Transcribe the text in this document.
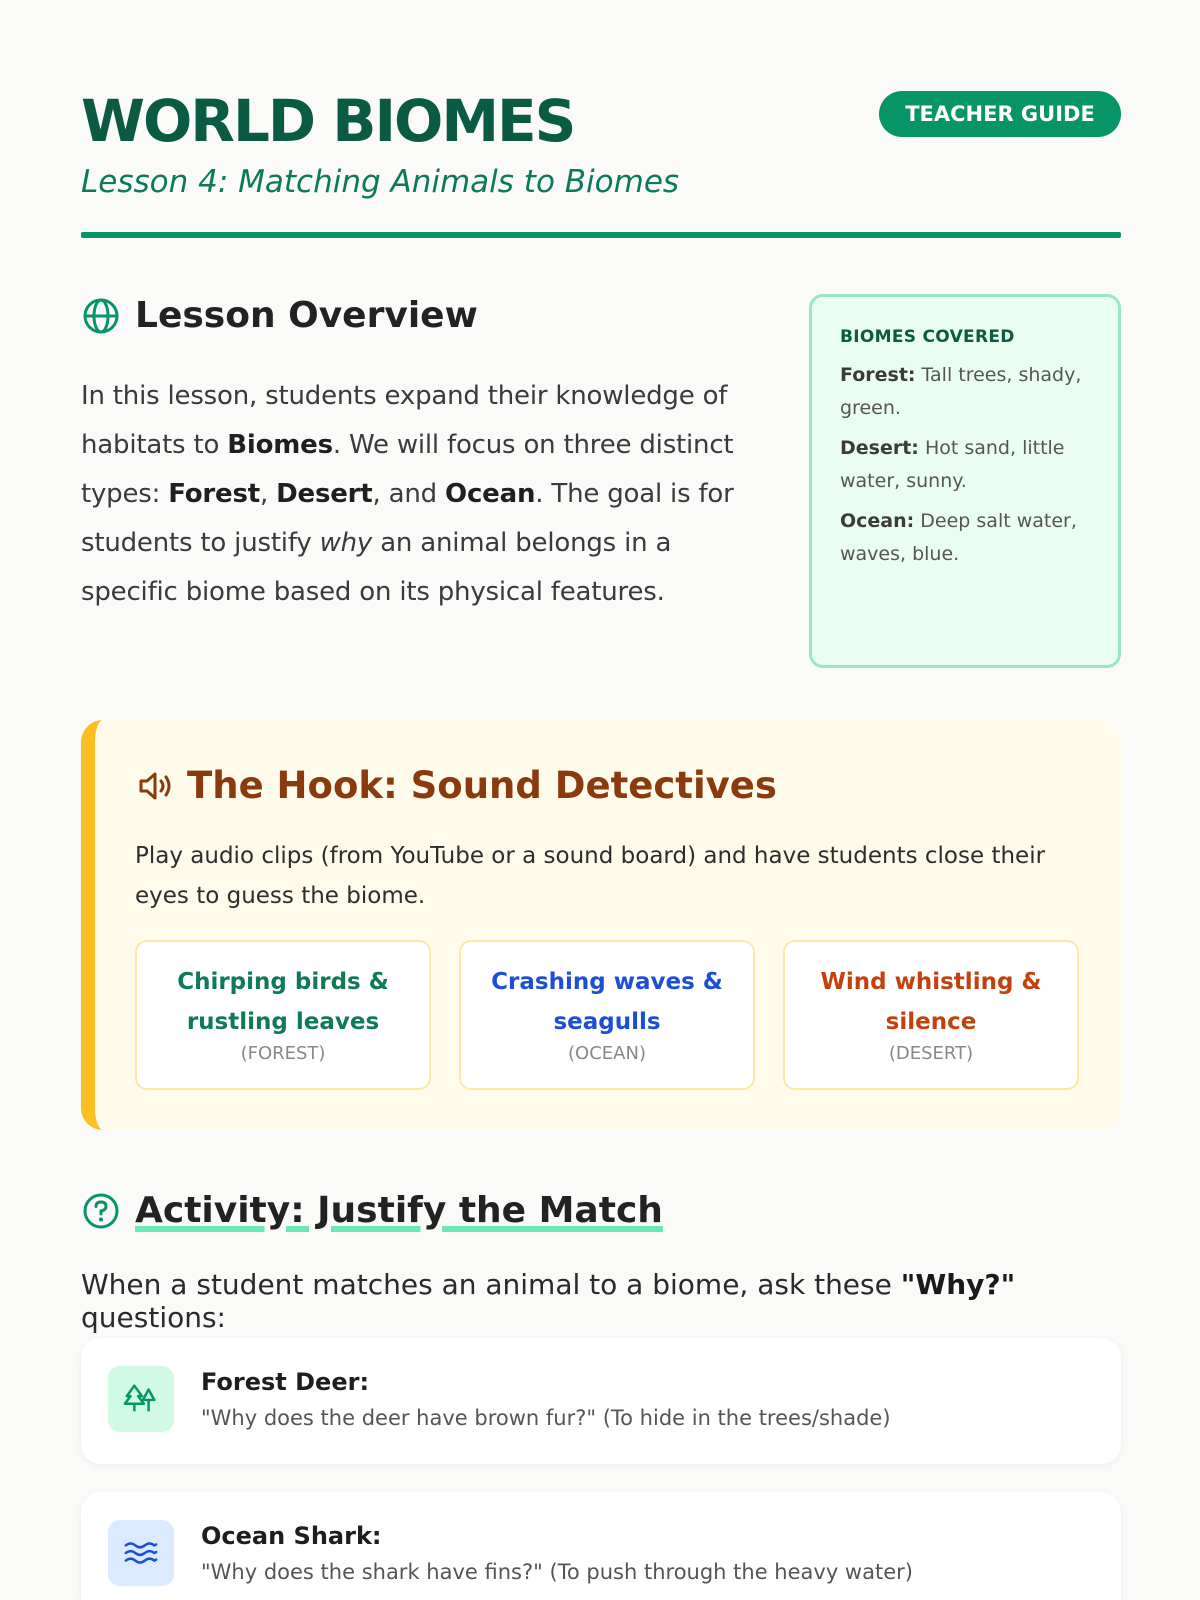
WORLD BIOMES	TEACHER GUIDE
Lesson 4: Matching Animals to Biomes
Lesson Overview

In this lesson, students expand their knowledge of habitats to Biomes. We will focus on three distinct types: Forest, Desert, and Ocean. The goal is for students to justify why an animal belongs in a specific biome based on its physical features.

BIOMES COVERED
Forest: Tall trees, shady, green.
Desert: Hot sand, little water, sunny.
Ocean: Deep salt water, waves, blue.
The Hook: Sound Detectives

Play audio clips (from YouTube or a sound board) and have students close their eyes to guess the biome.

Chirping birds & rustling leaves
(FOREST)
Crashing waves & seagulls
(OCEAN)
Wind whistling & silence
(DESERT)
Activity: Justify the Match

When a student matches an animal to a biome, ask these "Why?" questions:

Forest Deer:
"Why does the deer have brown fur?" (To hide in the trees/shade)
Ocean Shark:
"Why does the shark have fins?" (To push through the heavy water)
